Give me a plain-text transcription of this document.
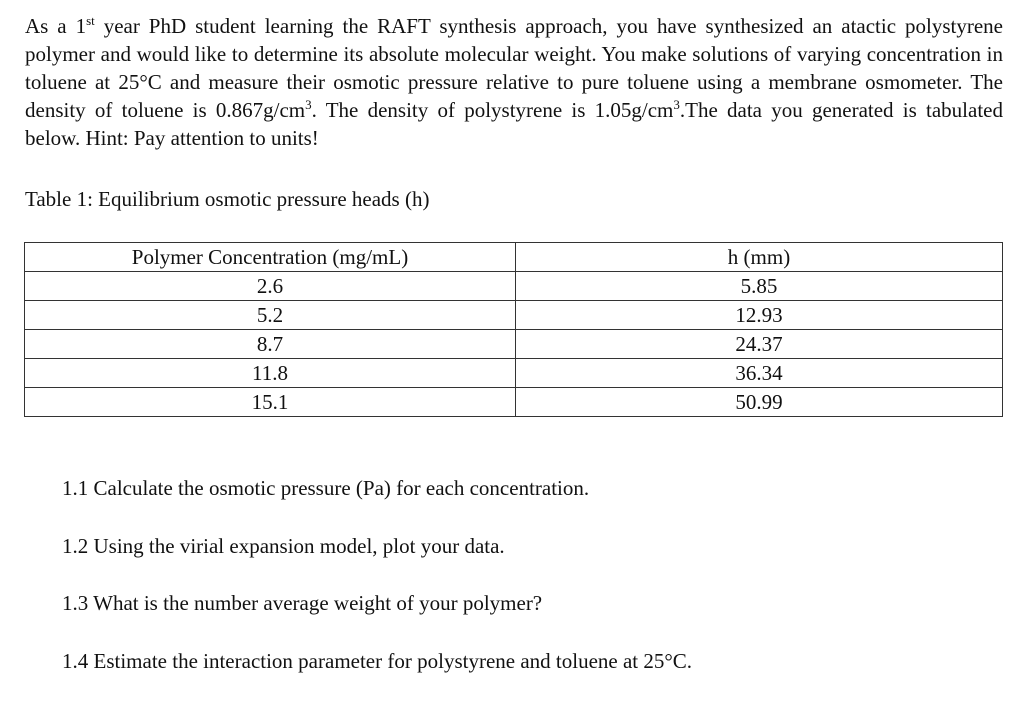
As a 1st year PhD student learning the RAFT synthesis approach, you have synthesized an atactic polystyrene polymer and would like to determine its absolute molecular weight. You make solutions of varying concentration in toluene at 25°C and measure their osmotic pressure relative to pure toluene using a membrane osmometer. The density of toluene is $0.867g/cm^3$. The density of polystyrene is $1.05g/cm^3.The$ data you generated is tabulated below. Hint: Pay attention to units!

Table 1: Equilibrium osmotic pressure heads (h)

Polymer Concentration (mg/mL)	h (mm)
2.6	5.85
5.2	12.93
8.7	24.37
11.8	36.34
15.1	50.99
1.1 Calculate the osmotic pressure (Pa) for each concentration.
1.2 Using the virial expansion model, plot your data.
1.3 What is the number average weight of your polymer?
1.4 Estimate the interaction parameter for polystyrene and toluene at 25°C.
